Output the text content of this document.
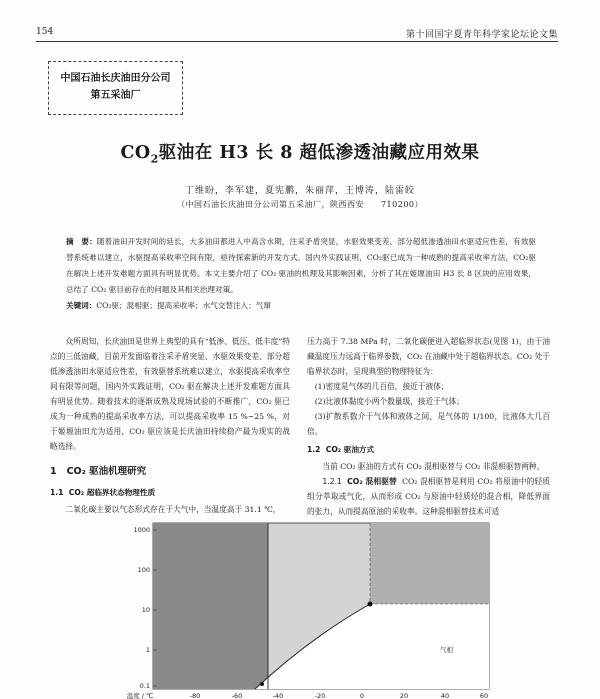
154	第十回国宇夏青年科学家论坛论文集
中国石油长庆油田分公司
第五采油厂
$CO_2$驱油在 H3 长 8 超低渗透油藏应用效果
丁维盼，李军建，夏宪鹏，朱丽萍，王博涛，陆雷皎
（中国石油长庆油田分公司第五采油厂，陕西西安　　710200）
摘　要：随着油田开发时间的延长，大多油田都进入中高含水期，注采矛盾突显，水驱效果变差，部分超低渗透油田水驱适应性差，有效驱替系统难以建立，水驱提高采收率空间有限，亟待探索新的开发方式。国内外实践证明，CO₂驱已成为一种成熟的提高采收率方法，CO₂驱在解决上述开发难题方面具有明显优势。本文主要介绍了 CO₂ 驱油的机理及其影响因素，分析了其在姬塬油田 H3 长 8 区块的应用效果，总结了 CO₂ 驱目前存在的问题及其相关治理对策。
关键词：CO₂驱；混相驱；提高采收率；水气交替注入；气窜

众所周知，长庆油田是世界上典型的具有“低渗、低压、低丰度”特点的三低油藏，目前开发面临着注采矛盾突显、水驱效果变差、部分超低渗透油田水驱适应性差，有效驱替系统难以建立，水驱提高采收率空间有限等问题，国内外实践证明，CO₂ 驱在解决上述开发难题方面具有明显优势。随着技术的逐渐成熟及现场试验的不断推广，CO₂ 驱已成为一种成熟的提高采收率方法，可以提高采收率 15 %~25 %，对于姬塬油田尤为适用，CO₂ 驱应该是长庆油田持续稳产最为现实的战略选择。

1 CO₂ 驱油机理研究
1.1 CO₂ 超临界状态物理性质

二氧化碳主要以气态形式存在于大气中，当温度高于 31.1 ℃，

压力高于 7.38 MPa 时，二氧化碳便进入超临界状态(见图 1)，由于油藏温度压力远高于临界参数，CO₂ 在油藏中处于超临界状态。CO₂ 处于临界状态时，呈现典型的物理特征为：

(1)密度是气体的几百倍，接近于液体；

(2)比液体黏度小两个数量级，接近于气体；

(3)扩散系数介于气体和液体之间，是气体的 1/100，比液体大几百倍。

1.2 CO₂ 驱油方式

当前 CO₂ 驱油的方式有 CO₂ 混相驱替与 CO₂ 非混相驱替两种。

1.2.1 CO₂ 混相驱替 CO₂ 混相驱替是利用 CO₂ 将原油中的轻质组分萃取或气化，从而形成 CO₂ 与原油中轻质烃的混合相，降低界面的张力，从而提高原油的采收率。这种混相驱替技术可适

1000
100
10
1
0.1
气相
温度 / ℃	-80	-60	-40	-20	0	20	40	60
